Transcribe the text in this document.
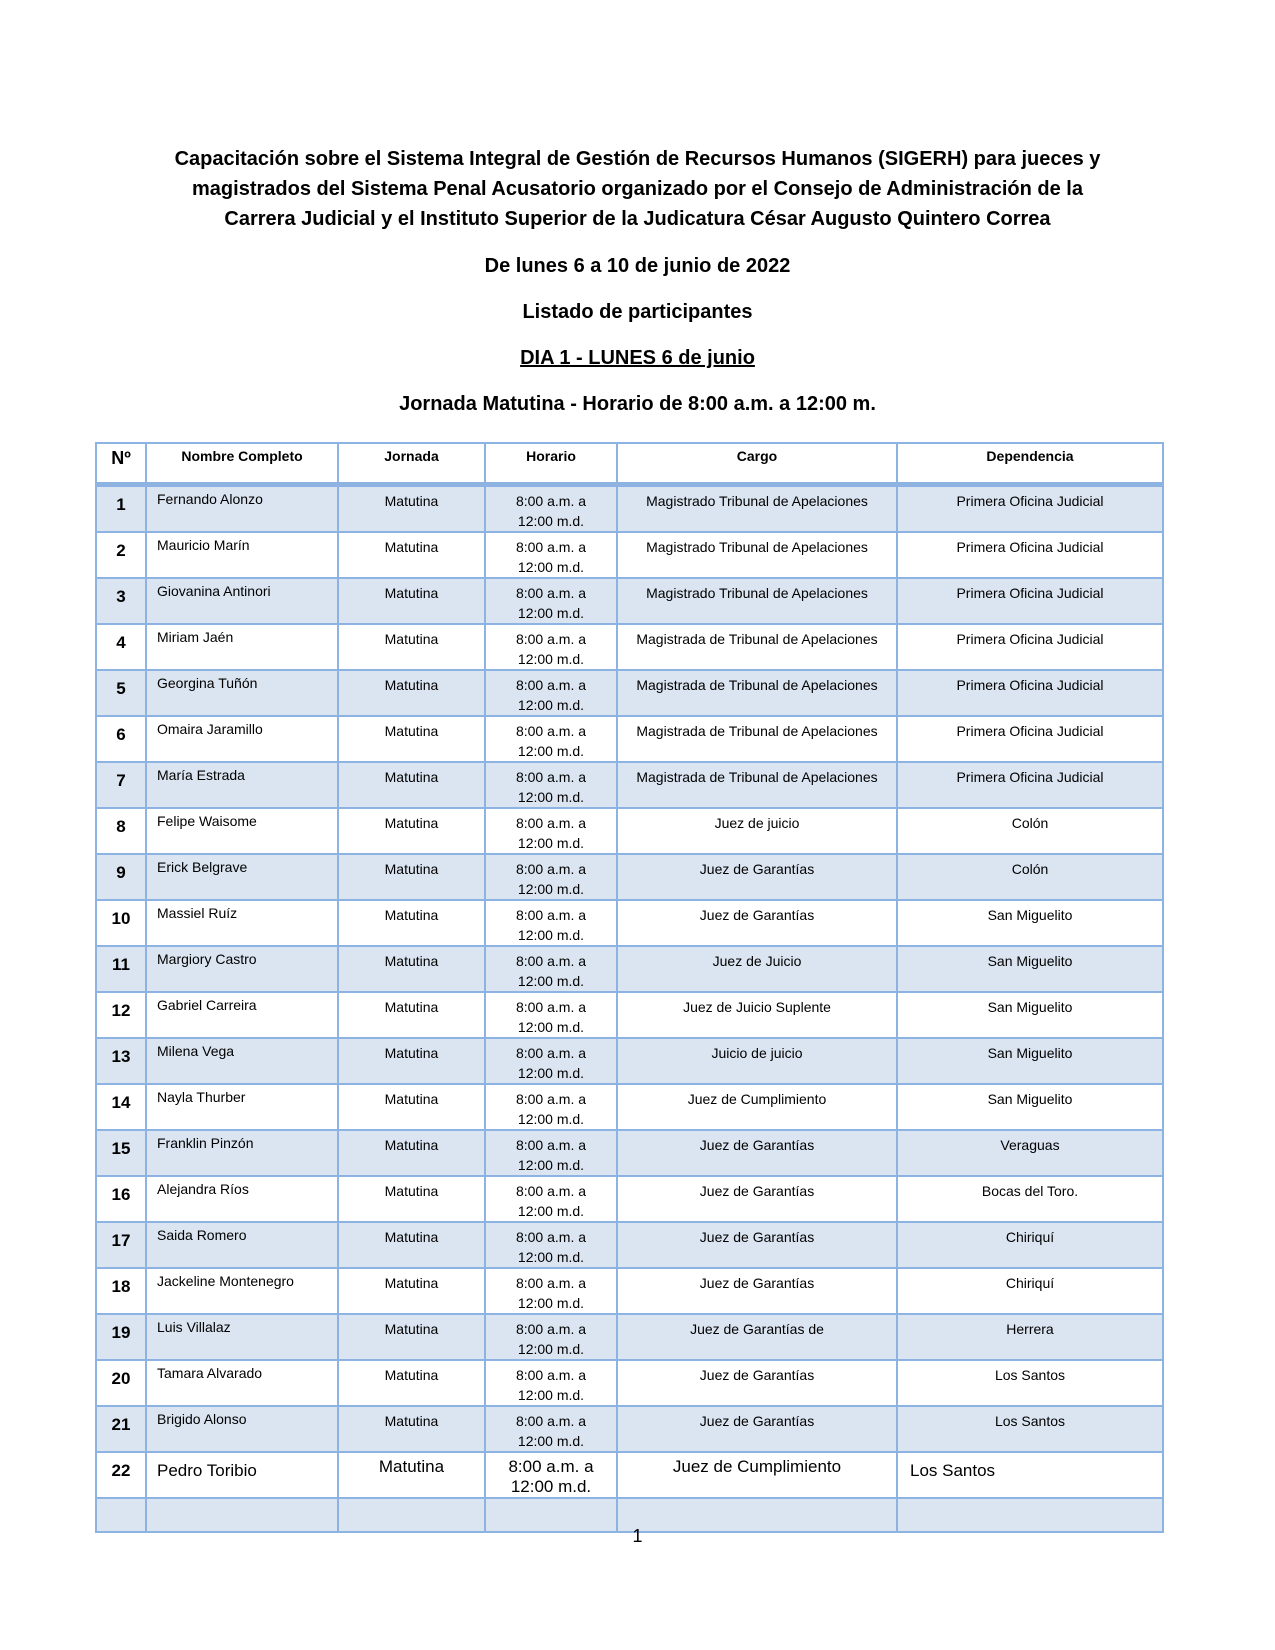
Capacitación sobre el Sistema Integral de Gestión de Recursos Humanos (SIGERH) para jueces y

magistrados del Sistema Penal Acusatorio organizado por el Consejo de Administración de la

Carrera Judicial y el Instituto Superior de la Judicatura César Augusto Quintero Correa

De lunes 6 a 10 de junio de 2022

Listado de participantes

DIA 1 - LUNES 6 de junio

Jornada Matutina - Horario de 8:00 a.m. a 12:00 m.

Nº	Nombre Completo	Jornada	Horario	Cargo	Dependencia
1	Fernando Alonzo	Matutina	8:00 a.m. a
12:00 m.d.	Magistrado Tribunal de Apelaciones	Primera Oficina Judicial
2	Mauricio Marín	Matutina	8:00 a.m. a
12:00 m.d.	Magistrado Tribunal de Apelaciones	Primera Oficina Judicial
3	Giovanina Antinori	Matutina	8:00 a.m. a
12:00 m.d.	Magistrado Tribunal de Apelaciones	Primera Oficina Judicial
4	Miriam Jaén	Matutina	8:00 a.m. a
12:00 m.d.	Magistrada de Tribunal de Apelaciones	Primera Oficina Judicial
5	Georgina Tuñón	Matutina	8:00 a.m. a
12:00 m.d.	Magistrada de Tribunal de Apelaciones	Primera Oficina Judicial
6	Omaira Jaramillo	Matutina	8:00 a.m. a
12:00 m.d.	Magistrada de Tribunal de Apelaciones	Primera Oficina Judicial
7	María Estrada	Matutina	8:00 a.m. a
12:00 m.d.	Magistrada de Tribunal de Apelaciones	Primera Oficina Judicial
8	Felipe Waisome	Matutina	8:00 a.m. a
12:00 m.d.	Juez de juicio	Colón
9	Erick Belgrave	Matutina	8:00 a.m. a
12:00 m.d.	Juez de Garantías	Colón
10	Massiel Ruíz	Matutina	8:00 a.m. a
12:00 m.d.	Juez de Garantías	San Miguelito
11	Margiory Castro	Matutina	8:00 a.m. a
12:00 m.d.	Juez de Juicio	San Miguelito
12	Gabriel Carreira	Matutina	8:00 a.m. a
12:00 m.d.	Juez de Juicio Suplente	San Miguelito
13	Milena Vega	Matutina	8:00 a.m. a
12:00 m.d.	Juicio de juicio	San Miguelito
14	Nayla Thurber	Matutina	8:00 a.m. a
12:00 m.d.	Juez de Cumplimiento	San Miguelito
15	Franklin Pinzón	Matutina	8:00 a.m. a
12:00 m.d.	Juez de Garantías	Veraguas
16	Alejandra Ríos	Matutina	8:00 a.m. a
12:00 m.d.	Juez de Garantías	Bocas del Toro.
17	Saida Romero	Matutina	8:00 a.m. a
12:00 m.d.	Juez de Garantías	Chiriquí
18	Jackeline Montenegro	Matutina	8:00 a.m. a
12:00 m.d.	Juez de Garantías	Chiriquí
19	Luis Villalaz	Matutina	8:00 a.m. a
12:00 m.d.	Juez de Garantías de	Herrera
20	Tamara Alvarado	Matutina	8:00 a.m. a
12:00 m.d.	Juez de Garantías	Los Santos
21	Brigido Alonso	Matutina	8:00 a.m. a
12:00 m.d.	Juez de Garantías	Los Santos
22	Pedro Toribio	Matutina	8:00 a.m. a
12:00 m.d.	Juez de Cumplimiento	Los Santos

1
